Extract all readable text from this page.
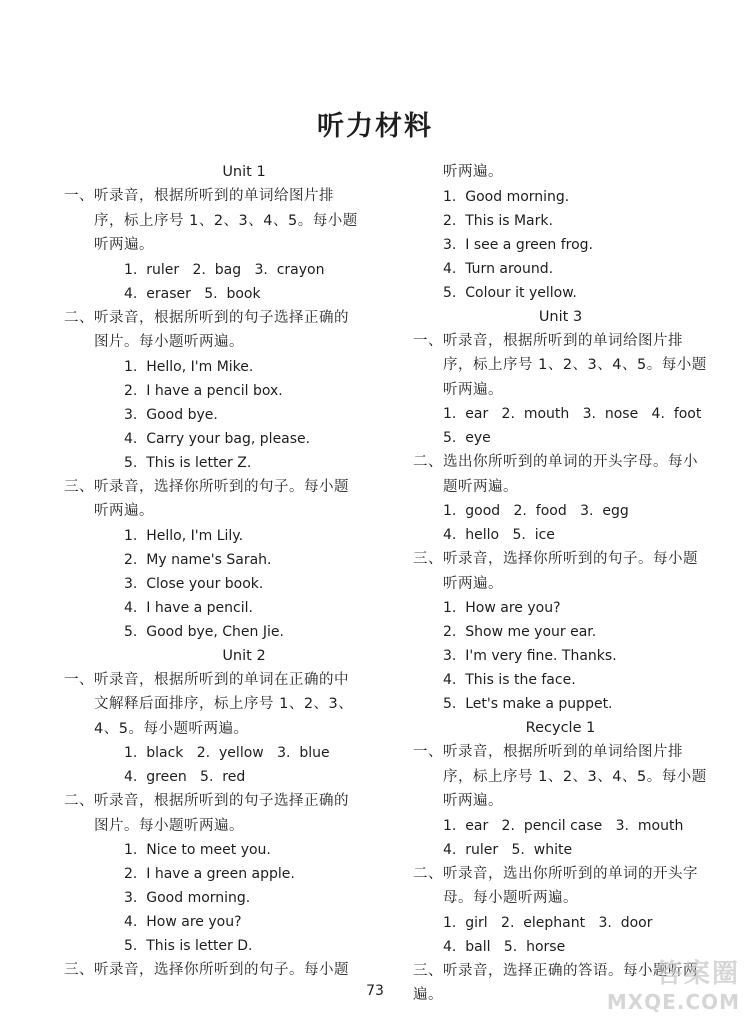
听力材料
Unit 1
一、听录音，根据所听到的单词给图片排
序，标上序号 1、2、3、4、5。每小题
听两遍。
1.  ruler   2.  bag   3.  crayon
4.  eraser   5.  book
二、听录音，根据所听到的句子选择正确的
图片。每小题听两遍。
1.  Hello, I'm Mike.
2.  I have a pencil box.
3.  Good bye.
4.  Carry your bag, please.
5.  This is letter Z.
三、听录音，选择你所听到的句子。每小题
听两遍。
1.  Hello, I'm Lily.
2.  My name's Sarah.
3.  Close your book.
4.  I have a pencil.
5.  Good bye, Chen Jie.
Unit 2
一、听录音，根据所听到的单词在正确的中
文解释后面排序，标上序号 1、2、3、
4、5。每小题听两遍。
1.  black   2.  yellow   3.  blue
4.  green   5.  red
二、听录音，根据所听到的句子选择正确的
图片。每小题听两遍。
1.  Nice to meet you.
2.  I have a green apple.
3.  Good morning.
4.  How are you?
5.  This is letter D.
三、听录音，选择你所听到的句子。每小题
听两遍。
1.  Good morning.
2.  This is Mark.
3.  I see a green frog.
4.  Turn around.
5.  Colour it yellow.
Unit 3
一、听录音，根据所听到的单词给图片排
序，标上序号 1、2、3、4、5。每小题
听两遍。
1.  ear   2.  mouth   3.  nose   4.  foot
5.  eye
二、选出你所听到的单词的开头字母。每小
题听两遍。
1.  good   2.  food   3.  egg
4.  hello   5.  ice
三、听录音，选择你所听到的句子。每小题
听两遍。
1.  How are you?
2.  Show me your ear.
3.  I'm very fine. Thanks.
4.  This is the face.
5.  Let's make a puppet.
Recycle 1
一、听录音，根据所听到的单词给图片排
序，标上序号 1、2、3、4、5。每小题
听两遍。
1.  ear   2.  pencil case   3.  mouth
4.  ruler   5.  white
二、听录音，选出你所听到的单词的开头字
母。每小题听两遍。
1.  girl   2.  elephant   3.  door
4.  ball   5.  horse
三、听录音，选择正确的答语。每小题听两遍。
73
答案圈
MXQE.COM
